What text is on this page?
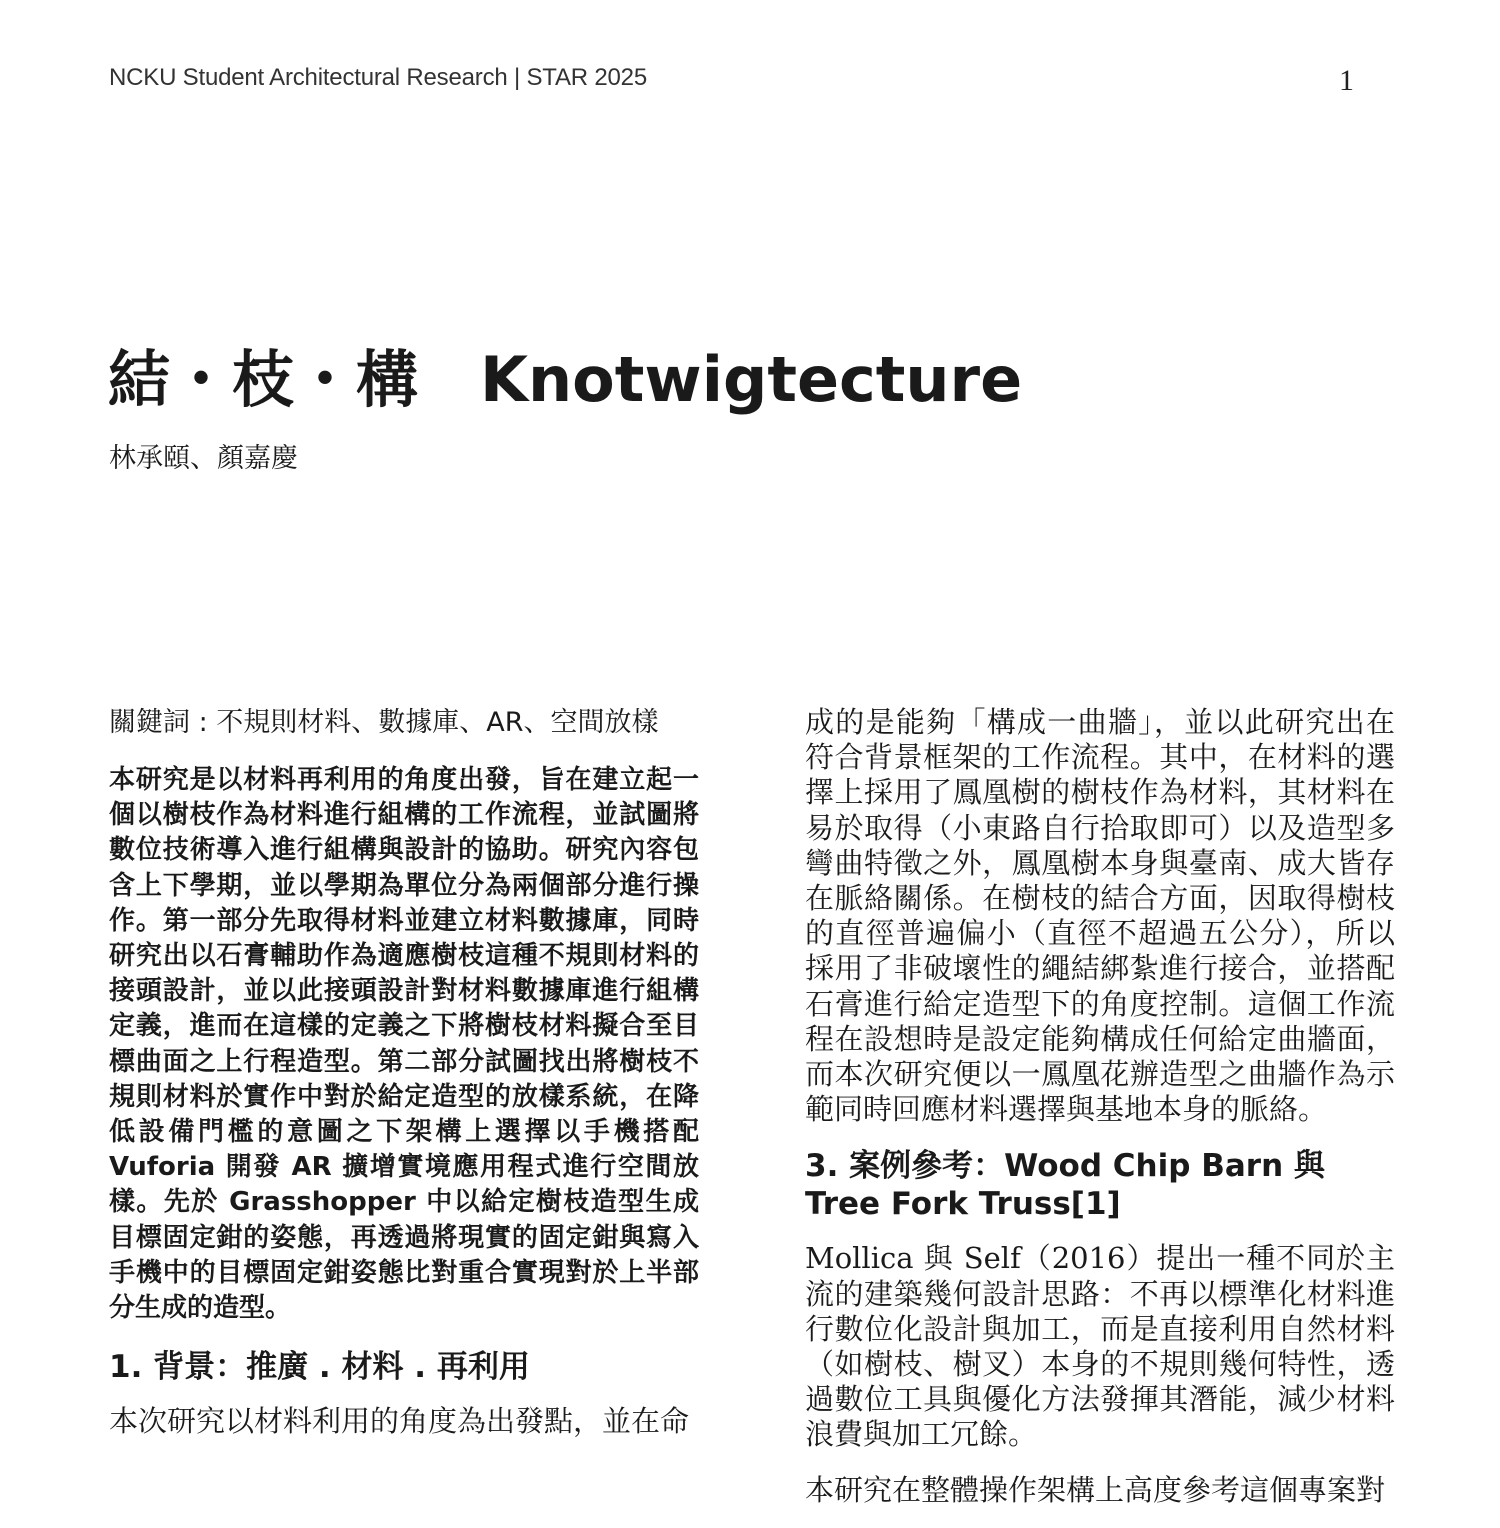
NCKU Student Architectural Research | STAR 2025	1
結・枝・構　Knotwigtecture
林承頤、顏嘉慶

關鍵詞 : 不規則材料、數據庫、AR、空間放樣

本研究是以材料再利用的角度出發，旨在建立起一個以樹枝作為材料進行組構的工作流程，並試圖將數位技術導入進行組構與設計的協助。研究內容包含上下學期，並以學期為單位分為兩個部分進行操作。第一部分先取得材料並建立材料數據庫，同時研究出以石膏輔助作為適應樹枝這種不規則材料的接頭設計，並以此接頭設計對材料數據庫進行組構定義，進而在這樣的定義之下將樹枝材料擬合至目標曲面之上行程造型。第二部分試圖找出將樹枝不規則材料於實作中對於給定造型的放樣系統，在降低設備門檻的意圖之下架構上選擇以手機搭配 Vuforia 開發 AR 擴增實境應用程式進行空間放樣。先於 Grasshopper 中以給定樹枝造型生成目標固定鉗的姿態，再透過將現實的固定鉗與寫入手機中的目標固定鉗姿態比對重合實現對於上半部分生成的造型。

1. 背景：推廣 . 材料 . 再利用

本次研究以材料利用的角度為出發點，並在命

成的是能夠「構成一曲牆」，並以此研究出在符合背景框架的工作流程。其中，在材料的選擇上採用了鳳凰樹的樹枝作為材料，其材料在易於取得（小東路自行拾取即可）以及造型多彎曲特徵之外，鳳凰樹本身與臺南、成大皆存在脈絡關係。在樹枝的結合方面，因取得樹枝的直徑普遍偏小（直徑不超過五公分），所以採用了非破壞性的繩結綁紮進行接合，並搭配石膏進行給定造型下的角度控制。這個工作流程在設想時是設定能夠構成任何給定曲牆面，而本次研究便以一鳳凰花辦造型之曲牆作為示範同時回應材料選擇與基地本身的脈絡。

3. 案例參考：Wood Chip Barn 與 Tree Fork Truss[1]

Mollica 與 Self（2016）提出一種不同於主流的建築幾何設計思路：不再以標準化材料進行數位化設計與加工，而是直接利用自然材料（如樹枝、樹叉）本身的不規則幾何特性，透過數位工具與優化方法發揮其潛能，減少材料浪費與加工冗餘。

本研究在整體操作架構上高度參考這個專案對
